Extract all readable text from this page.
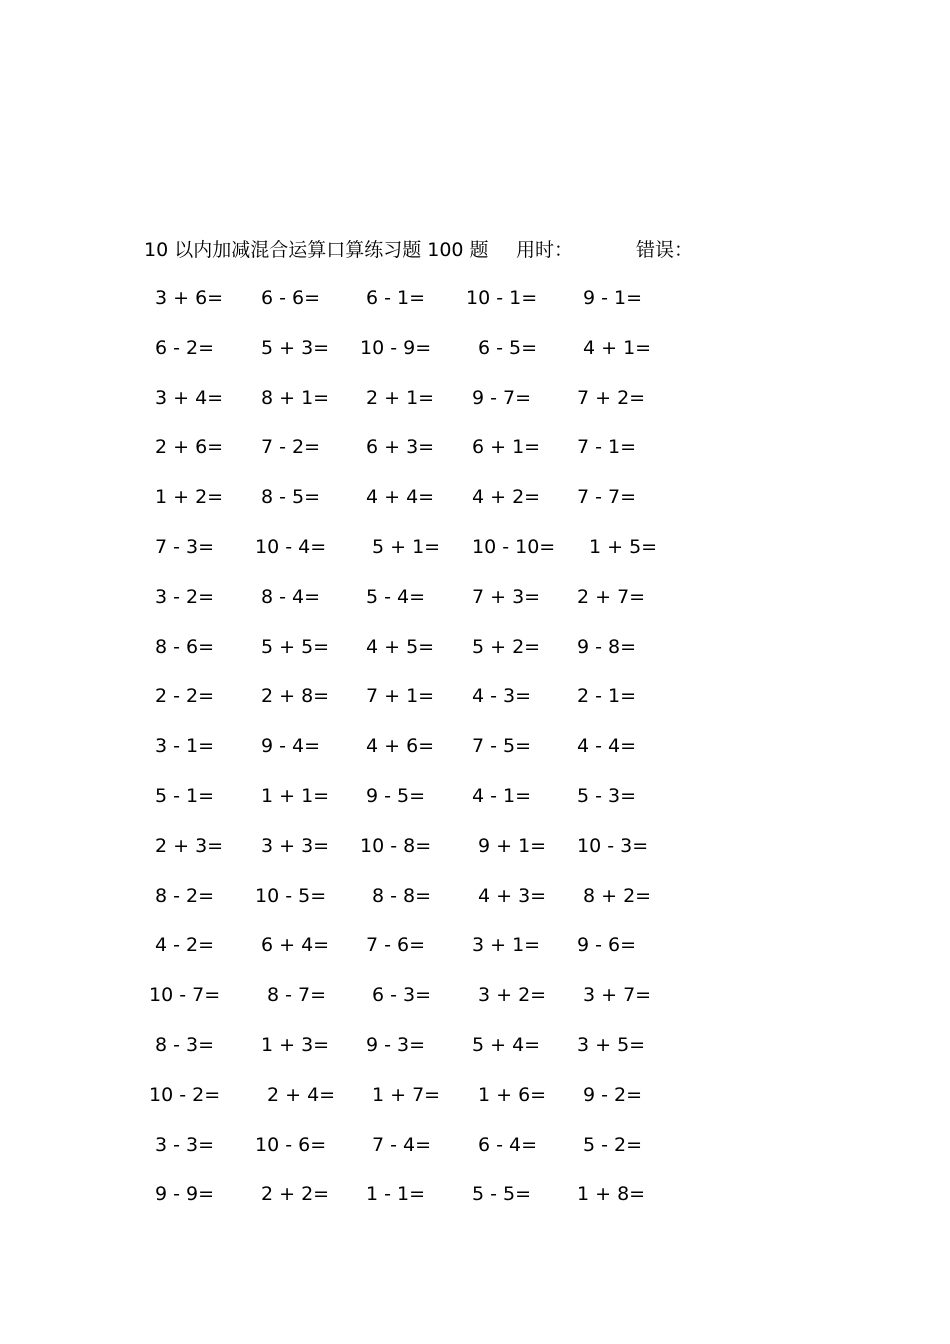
10 以内加减混合运算口算练习题 100 题 用时：	错误：
3 + 6= 6 - 6= 6 - 1= 10 - 1= 9 - 1=
6 - 2= 5 + 3= 10 - 9= 6 - 5= 4 + 1=
3 + 4= 8 + 1= 2 + 1= 9 - 7= 7 + 2=
2 + 6= 7 - 2= 6 + 3= 6 + 1= 7 - 1=
1 + 2= 8 - 5= 4 + 4= 4 + 2= 7 - 7=
7 - 3= 10 - 4= 5 + 1= 10 - 10= 1 + 5=
3 - 2= 8 - 4= 5 - 4= 7 + 3= 2 + 7=
8 - 6= 5 + 5= 4 + 5= 5 + 2= 9 - 8=
2 - 2= 2 + 8= 7 + 1= 4 - 3= 2 - 1=
3 - 1= 9 - 4= 4 + 6= 7 - 5= 4 - 4=
5 - 1= 1 + 1= 9 - 5= 4 - 1= 5 - 3=
2 + 3= 3 + 3= 10 - 8= 9 + 1= 10 - 3=
8 - 2= 10 - 5= 8 - 8= 4 + 3= 8 + 2=
4 - 2= 6 + 4= 7 - 6= 3 + 1= 9 - 6=
10 - 7= 8 - 7= 6 - 3= 3 + 2= 3 + 7=
8 - 3= 1 + 3= 9 - 3= 5 + 4= 3 + 5=
10 - 2= 2 + 4= 1 + 7= 1 + 6= 9 - 2=
3 - 3= 10 - 6= 7 - 4= 6 - 4= 5 - 2=
9 - 9= 2 + 2= 1 - 1= 5 - 5= 1 + 8=
